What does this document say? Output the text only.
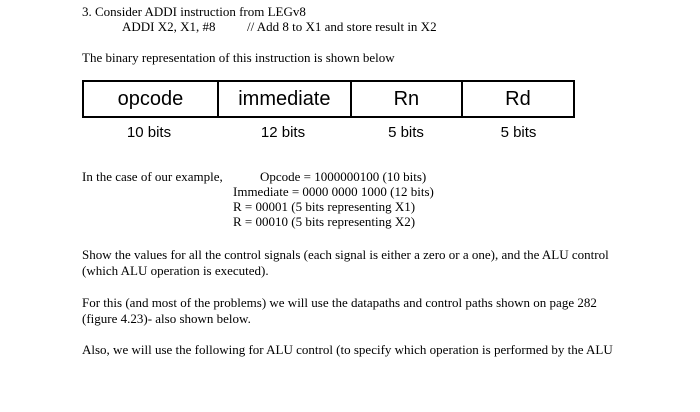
3. Consider ADDI instruction from LEGv8
ADDI X2, X1, #8 // Add 8 to X1 and store result in X2
The binary representation of this instruction is shown below
opcode	immediate	Rn	Rd
10 bits	12 bits	5 bits	5 bits
In the case of our example,	Opcode = 1000000100 (10 bits)
Immediate = 0000 0000 1000 (12 bits)
R = 00001 (5 bits representing X1)
R = 00010 (5 bits representing X2)
Show the values for all the control signals (each signal is either a zero or a one), and the ALU control (which ALU operation is executed).
For this (and most of the problems) we will use the datapaths and control paths shown on page 282 (figure 4.23)- also shown below.
Also, we will use the following for ALU control (to specify which operation is performed by the ALU
